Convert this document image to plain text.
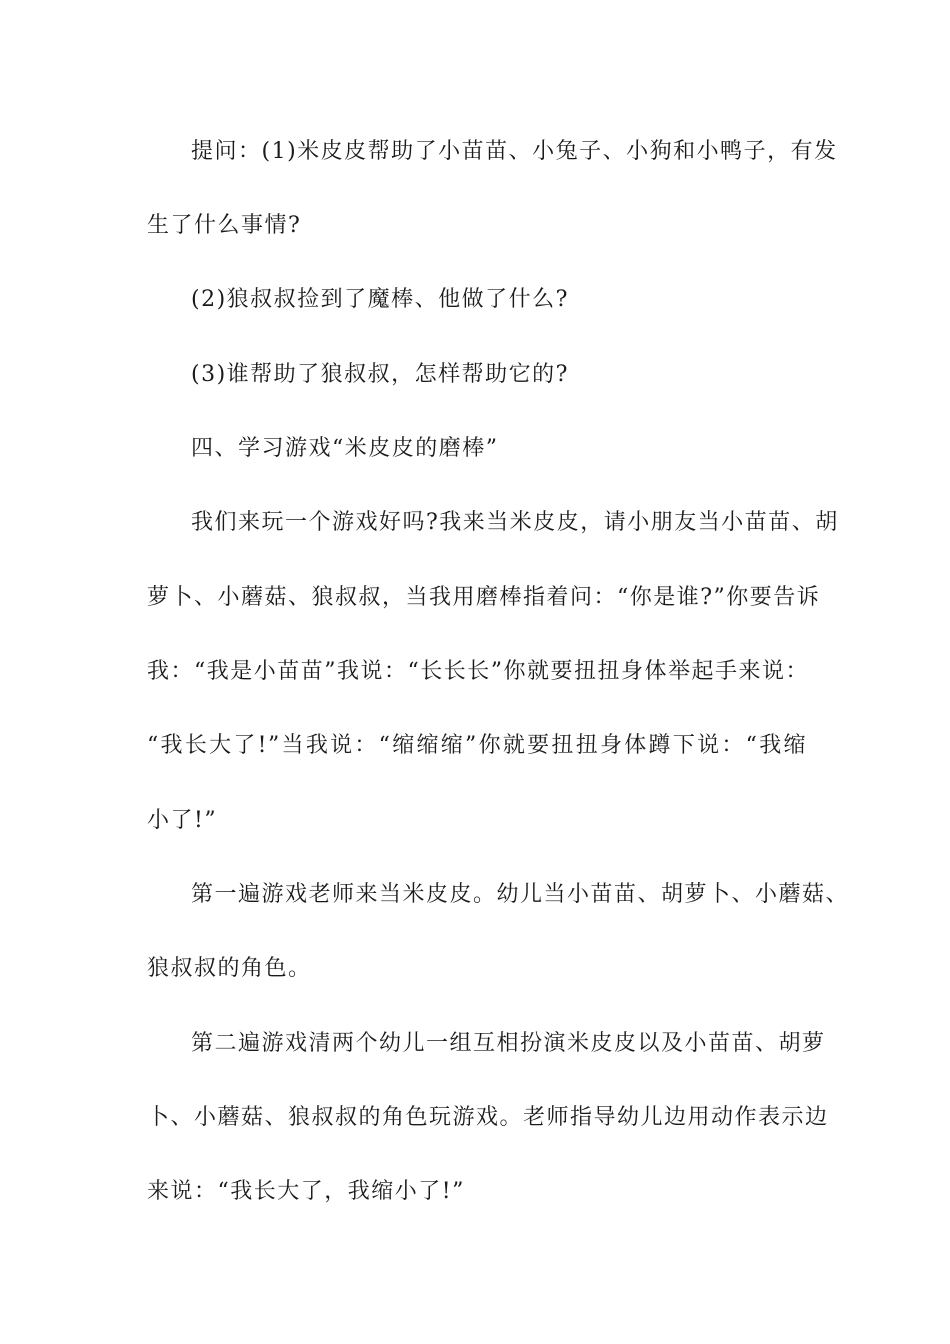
提问：(1)米皮皮帮助了小苗苗、小兔子、小狗和小鸭子，有发
生了什么事情?
(2)狼叔叔捡到了魔棒、他做了什么?
(3)谁帮助了狼叔叔，怎样帮助它的?
四、学习游戏“米皮皮的磨棒”
我们来玩一个游戏好吗?我来当米皮皮，请小朋友当小苗苗、胡
萝卜、小蘑菇、狼叔叔，当我用磨棒指着问：“你是谁?”你要告诉
我：“我是小苗苗”我说：“长长长”你就要扭扭身体举起手来说：
“我长大了!”当我说：“缩缩缩”你就要扭扭身体蹲下说：“我缩
小了!”
第一遍游戏老师来当米皮皮。幼儿当小苗苗、胡萝卜、小蘑菇、
狼叔叔的角色。
第二遍游戏清两个幼儿一组互相扮演米皮皮以及小苗苗、胡萝
卜、小蘑菇、狼叔叔的角色玩游戏。老师指导幼儿边用动作表示边
来说：“我长大了，我缩小了!”
